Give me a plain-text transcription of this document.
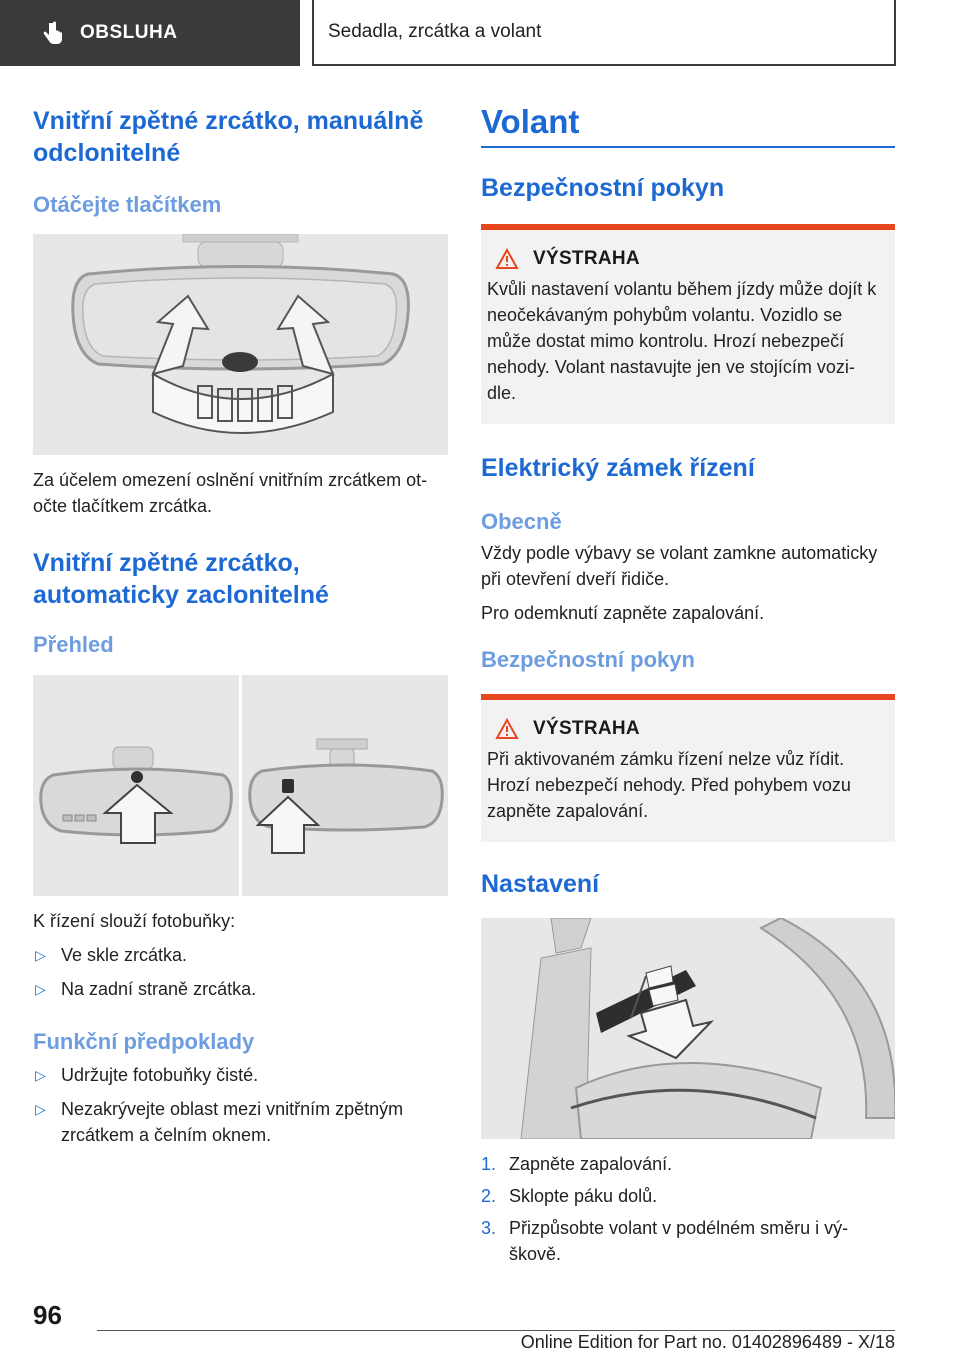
OBSLUHA	Sedadla, zrcátka a volant
Vnitřní zpětné zrcátko, manuálně odclonitelné
Otáčejte tlačítkem

Za účelem omezení oslnění vnitřním zrcátkem ot‐očte tlačítkem zrcátka.

Vnitřní zpětné zrcátko, automaticky zaclonitelné
Přehled

K řízení slouží fotobuňky:

▷ Ve skle zrcátka.
▷ Na zadní straně zrcátka.
Funkční předpoklady
▷ Udržujte fotobuňky čisté.
▷ Nezakrývejte oblast mezi vnitřním zpětným zrcátkem a čelním oknem.
Volant
Bezpečnostní pokyn
VÝSTRAHA

Kvůli nastavení volantu během jízdy může dojít k neočekávaným pohybům volantu. Vozidlo se může dostat mimo kontrolu. Hrozí nebezpečí nehody. Volant nastavujte jen ve stojícím vozi‐dle.

Elektrický zámek řízení
Obecně

Vždy podle výbavy se volant zamkne automaticky při otevření dveří řidiče.

Pro odemknutí zapněte zapalování.

Bezpečnostní pokyn
VÝSTRAHA

Při aktivovaném zámku řízení nelze vůz řídit. Hrozí nebezpečí nehody. Před pohybem vozu zapněte zapalování.

Nastavení
1. Zapněte zapalování.
2. Sklopte páku dolů.
3. Přizpůsobte volant v podélném směru i vý‐škově.
96
Online Edition for Part no. 01402896489 - X/18
